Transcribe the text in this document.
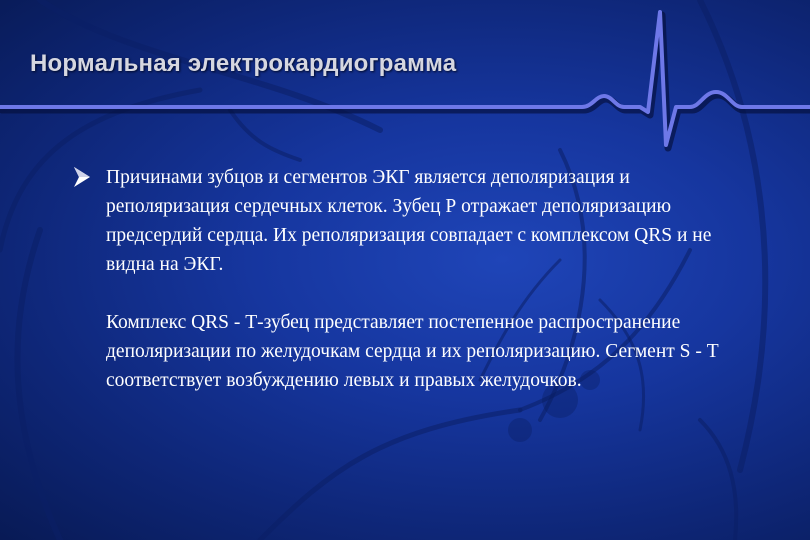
Нормальная электрокардиограмма

Причинами зубцов и сегментов ЭКГ является деполяризация и реполяризация сердечных клеток. Зубец Р отражает деполяризацию предсердий сердца. Их реполяризация совпадает с комплексом QRS и не видна на ЭКГ.

Комплекс QRS - Т-зубец представляет постепенное распространение деполяризации по желудочкам сердца и их реполяризацию. Сегмент S - Т соответствует возбуждению левых и правых желудочков.
